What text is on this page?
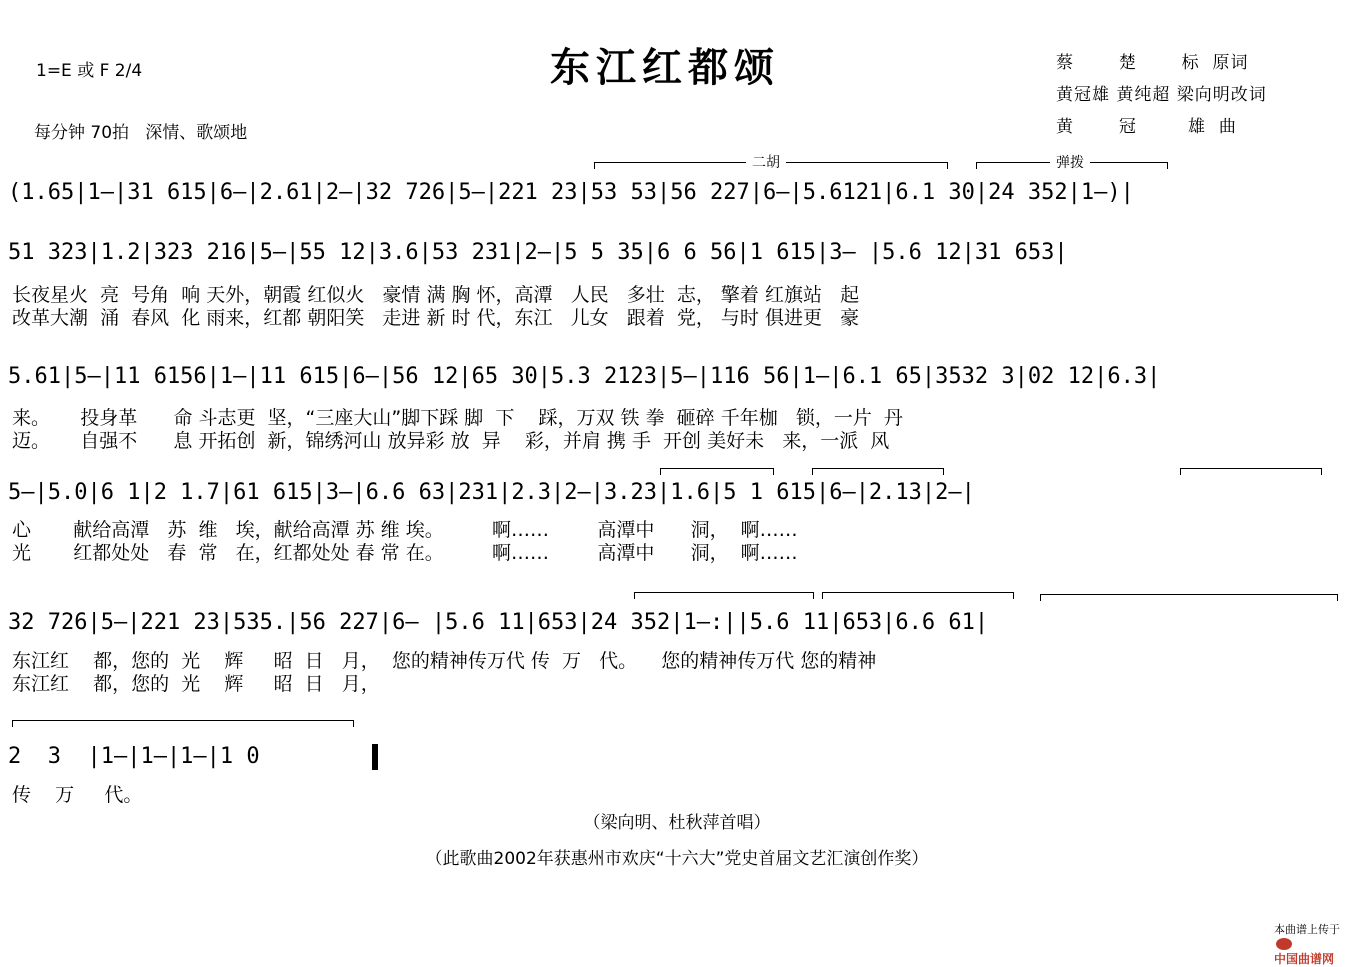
1=E 或 F 2/4
每分钟 70拍   深情、歌颂地
东江红都颂	蔡       楚       标  原词
黄冠雄 黄纯超 梁向明改词
黄       冠        雄  曲
二胡	弹拨
(1.65|1—|31 615|6—|2.61|2—|32 726|5—|221 23|53 53|56 227|6—|5.6121|6.1 30|24 352|1—)|
51 323|1.2|323 216|5—|55 12|3.6|53 231|2—|5 5 35|6 6 56|1 615|3— |5.6 12|31 653|
长夜星火  亮  号角  响 天外，朝霞 红似火   豪情 满 胸 怀，高潭   人民   多壮  志， 擎着 红旗站   起
改革大潮  涌  春风  化 雨来，红都 朝阳笑   走进 新 时 代，东江   儿女   跟着  党， 与时 俱进更   豪
5.61|5—|11 6156|1—|11 615|6—|56 12|65 30|5.3 2123|5—|116 56|1—|6.1 65|3532 3|02 12|6.3|
来。     投身革      命 斗志更  坚，“三座大山”脚下踩 脚  下    踩，万双 铁 拳  砸碎 千年枷   锁，一片  丹
迈。     自强不      息 开拓创  新，锦绣河山 放异彩 放  异    彩，并肩 携 手  开创 美好未   来，一派  风
5—|5.0|6 1|2 1.7|61 615|3—|6.6 63|231|2.3|2—|3.23|1.6|5 1 615|6—|2.13|2—|
心       献给高潭   苏  维   埃，献给高潭 苏 维 埃。        啊……        高潭中      洞，  啊……
光       红都处处   春  常   在，红都处处 春 常 在。        啊……        高潭中      洞，  啊……
32 726|5—|221 23|535.|56 227|6— |5.6 11|653|24 352|1—:||5.6 11|653|6.6 61|
东江红    都，您的  光    辉     昭  日   月，  您的精神传万代 传  万   代。    您的精神传万代 您的精神
东江红    都，您的  光    辉     昭  日   月，
2  3  |1—|1—|1—|1 0
传    万     代。
（梁向明、杜秋萍首唱）
（此歌曲2002年获惠州市欢庆“十六大”党史首届文艺汇演创作奖）

本曲谱上传于

中国曲谱网
